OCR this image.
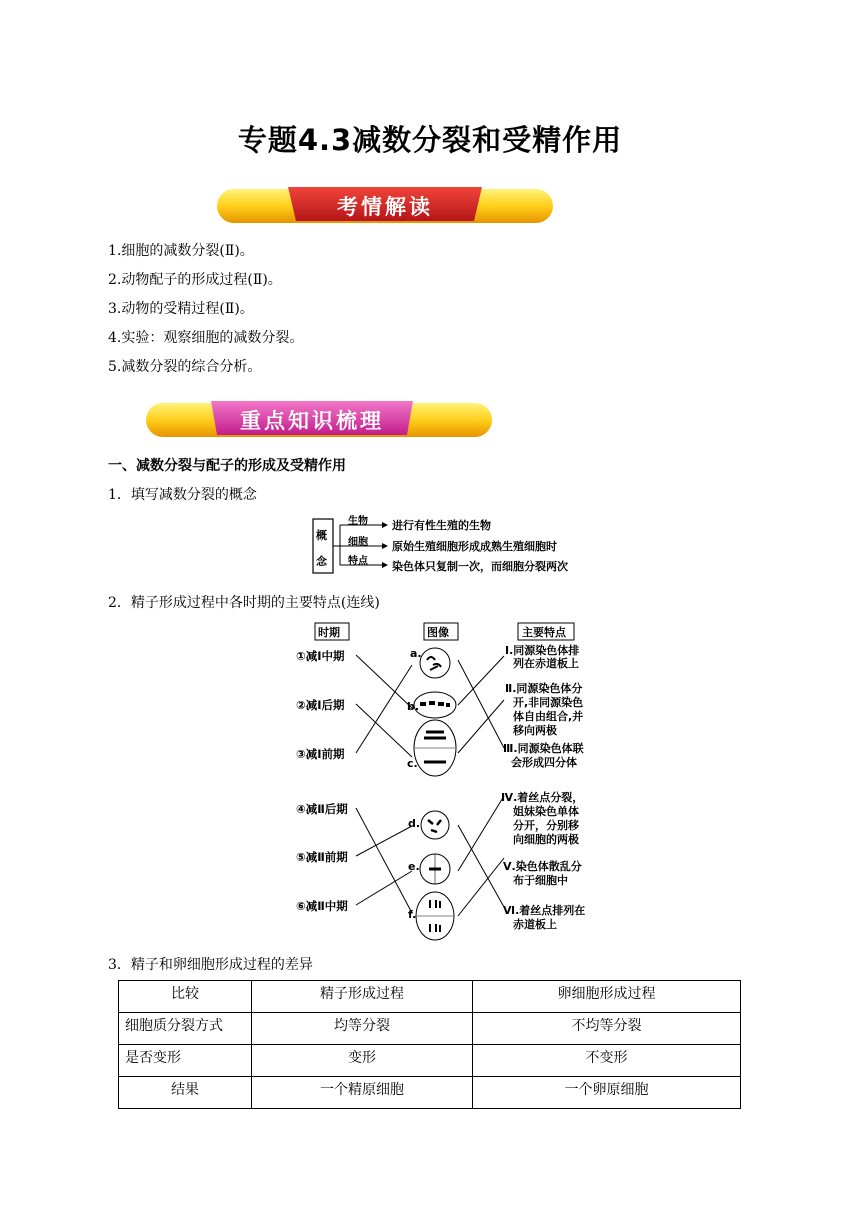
专题4.3减数分裂和受精作用
考情解读
1.细胞的减数分裂(Ⅱ)。
2.动物配子的形成过程(Ⅱ)。
3.动物的受精过程(Ⅱ)。
4.实验：观察细胞的减数分裂。
5.减数分裂的综合分析。
重点知识梳理
一、减数分裂与配子的形成及受精作用
1．填写减数分裂的概念
概
念
生物
细胞
特点
进行有性生殖的生物
原始生殖细胞形成成熟生殖细胞时
染色体只复制一次，而细胞分裂两次
2．精子形成过程中各时期的主要特点(连线)
时期	图像	主要特点
①减Ⅰ中期
②减Ⅰ后期
③减Ⅰ前期
a.
b.
c.
Ⅰ.同源染色体排
列在赤道板上
Ⅱ.同源染色体分
开,非同源染色
体自由组合,并
移向两极
Ⅲ.同源染色体联
会形成四分体
④减Ⅱ后期
⑤减Ⅱ前期
⑥减Ⅱ中期
d.
e.
f.
Ⅳ.着丝点分裂，
姐妹染色单体
分开，分别移
向细胞的两极
Ⅴ.染色体散乱分
布于细胞中
Ⅵ.着丝点排列在
赤道板上
3．精子和卵细胞形成过程的差异
比较	精子形成过程	卵细胞形成过程
细胞质分裂方式	均等分裂	不均等分裂
是否变形	变形	不变形
结果	一个精原细胞	一个卵原细胞
